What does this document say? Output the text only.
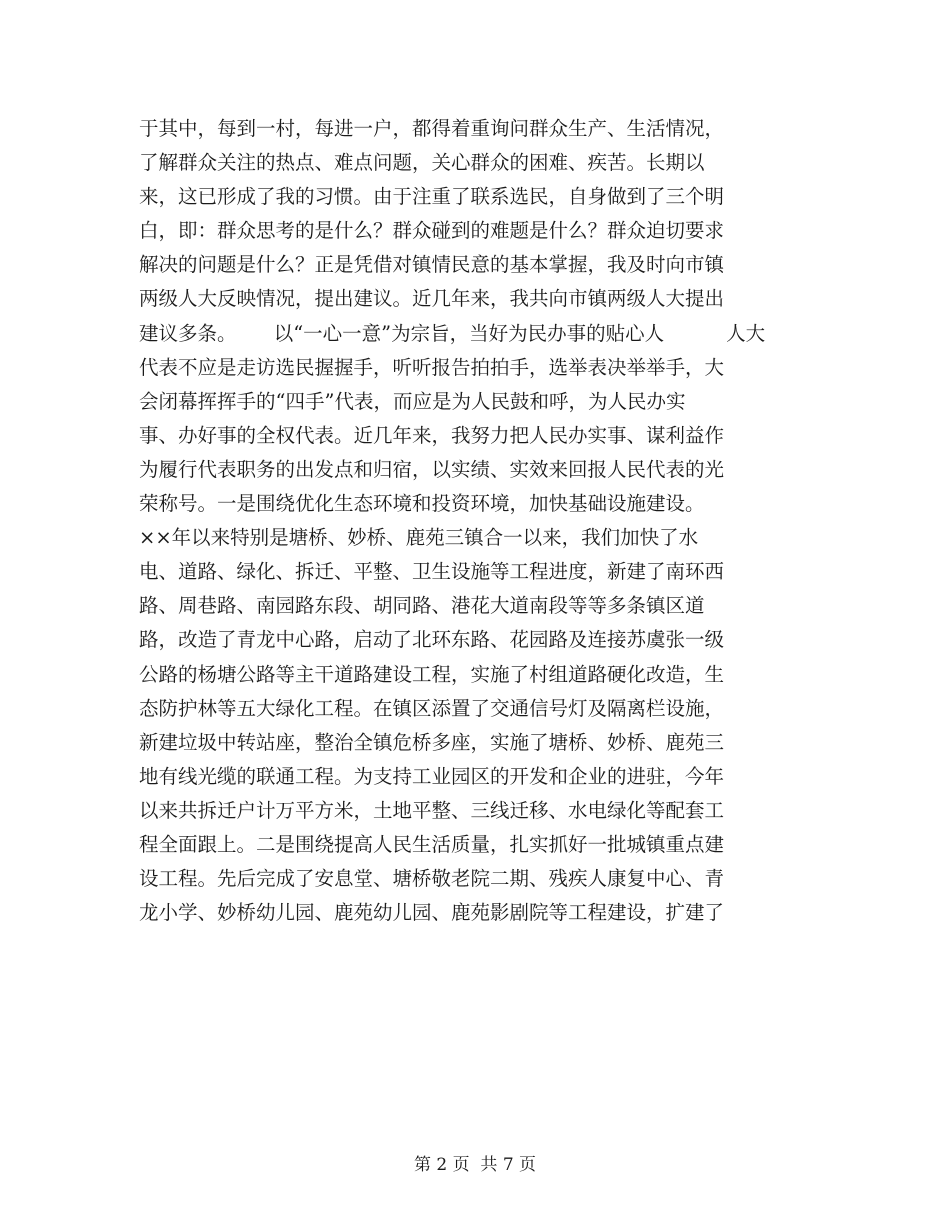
于其中，每到一村，每进一户，都得着重询问群众生产、生活情况，
了解群众关注的热点、难点问题，关心群众的困难、疾苦。长期以
来，这已形成了我的习惯。由于注重了联系选民，自身做到了三个明
白，即：群众思考的是什么？群众碰到的难题是什么？群众迫切要求
解决的问题是什么？正是凭借对镇情民意的基本掌握，我及时向市镇
两级人大反映情况，提出建议。近几年来，我共向市镇两级人大提出
建议多条。      以“一心一意”为宗旨，当好为民办事的贴心人          人大
代表不应是走访选民握握手，听听报告拍拍手，选举表决举举手，大
会闭幕挥挥手的“四手”代表，而应是为人民鼓和呼，为人民办实
事、办好事的全权代表。近几年来，我努力把人民办实事、谋利益作
为履行代表职务的出发点和归宿，以实绩、实效来回报人民代表的光
荣称号。一是围绕优化生态环境和投资环境，加快基础设施建设。
××年以来特别是塘桥、妙桥、鹿苑三镇合一以来，我们加快了水
电、道路、绿化、拆迁、平整、卫生设施等工程进度，新建了南环西
路、周巷路、南园路东段、胡同路、港花大道南段等等多条镇区道
路，改造了青龙中心路，启动了北环东路、花园路及连接苏虞张一级
公路的杨塘公路等主干道路建设工程，实施了村组道路硬化改造，生
态防护林等五大绿化工程。在镇区添置了交通信号灯及隔离栏设施，
新建垃圾中转站座，整治全镇危桥多座，实施了塘桥、妙桥、鹿苑三
地有线光缆的联通工程。为支持工业园区的开发和企业的进驻，今年
以来共拆迁户计万平方米，土地平整、三线迁移、水电绿化等配套工
程全面跟上。二是围绕提高人民生活质量，扎实抓好一批城镇重点建
设工程。先后完成了安息堂、塘桥敬老院二期、残疾人康复中心、青
龙小学、妙桥幼儿园、鹿苑幼儿园、鹿苑影剧院等工程建设，扩建了
第 2 页  共 7 页
